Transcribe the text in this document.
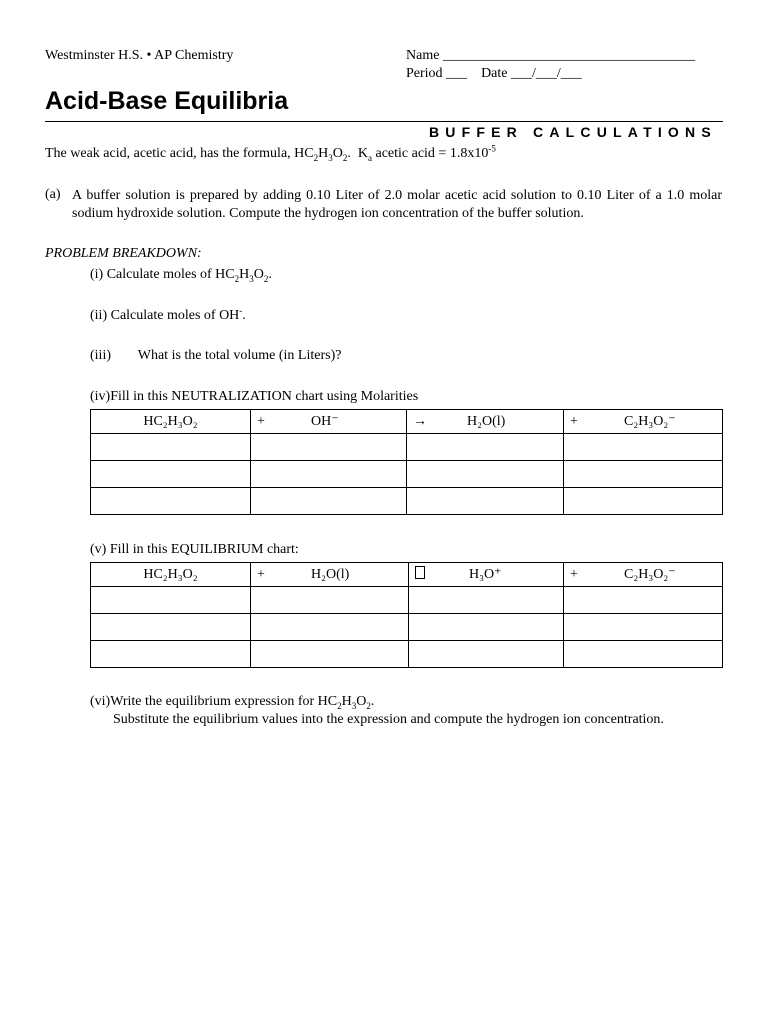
Westminster H.S. • AP Chemistry	Name ____________________________________
Period ___ Date ___/___/___
Acid-Base Equilibria
BUFFER CALCULATIONS
The weak acid, acetic acid, has the formula, $HC_2H_3O_2$.  $K_a$ acetic acid = $1.8x10^{-5}$
(a) A buffer solution is prepared by adding 0.10 Liter of 2.0 molar acetic acid solution to 0.10 Liter of a 1.0 molar sodium hydroxide solution. Compute the hydrogen ion concentration of the buffer solution.
PROBLEM BREAKDOWN:
(i) Calculate moles of $HC_2H_3O_2$.
(ii) Calculate moles of OH-.
(iii) What is the total volume (in Liters)?
(iv)Fill in this NEUTRALIZATION chart using Molarities
HC₂H₃O₂	+ OH⁻	→ H₂O(l)	+ C₂H₃O₂⁻

(v) Fill in this EQUILIBRIUM chart:
HC₂H₃O₂	+ H₂O(l)	H₃O⁺	+ C₂H₃O₂⁻

(vi)Write the equilibrium expression for $HC_2H_3O_2$.
Substitute the equilibrium values into the expression and compute the hydrogen ion concentration.
